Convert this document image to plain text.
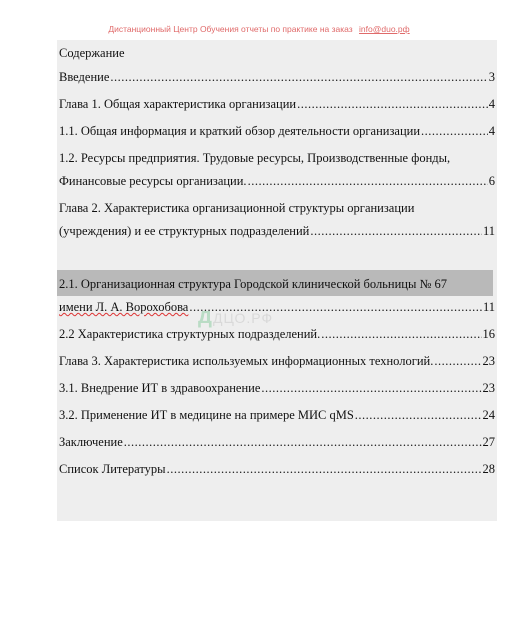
Дистанционный Центр Обучения отчеты по практике на заказ info@duo.рф
Содержание
Введение .....	3
Глава 1. Общая характеристика организации .....	4
1.1. Общая информация и краткий обзор деятельности организации .....	4
1.2. Ресурсы предприятия. Трудовые ресурсы, Производственные фонды,
Финансовые ресурсы организации. .....	6
Глава 2. Характеристика организационной структуры организации
(учреждения) и ее структурных подразделений .....	11
2.1. Организационная структура Городской клинической больницы № 67
имени Л. А. Ворохобова .....	11
2.2 Характеристика структурных подразделений. .....	16
Глава 3. Характеристика используемых информационных технологий. .....	23
3.1. Внедрение ИТ в здравоохранение .....	23
3.2. Применение ИТ в медицине на примере МИС qMS .....	24
Заключение .....	27
Список Литературы .....	28
дДЦО.РФ
